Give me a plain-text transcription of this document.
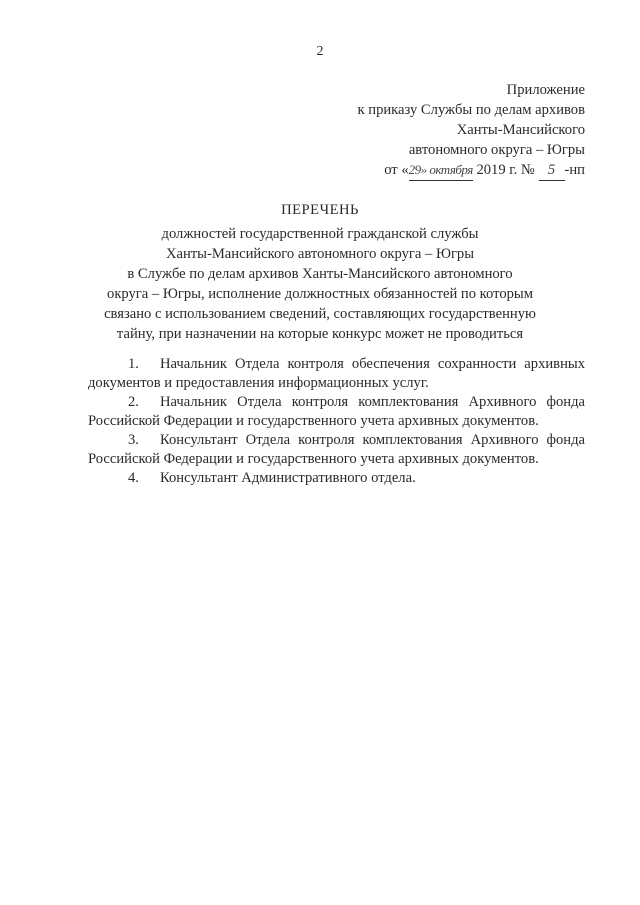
2
Приложение
к приказу Службы по делам архивов
Ханты-Мансийского
автономного округа – Югры
от «29» октября 2019 г. № 5 -нп
ПЕРЕЧЕНЬ
должностей государственной гражданской службы
Ханты-Мансийского автономного округа – Югры
в Службе по делам архивов Ханты-Мансийского автономного
округа – Югры, исполнение должностных обязанностей по которым
связано с использованием сведений, составляющих государственную
тайну, при назначении на которые конкурс может не проводиться

1. Начальник Отдела контроля обеспечения сохранности архивных документов и предоставления информационных услуг.

2. Начальник Отдела контроля комплектования Архивного фонда Российской Федерации и государственного учета архивных документов.

3. Консультант Отдела контроля комплектования Архивного фонда Российской Федерации и государственного учета архивных документов.

4. Консультант Административного отдела.
